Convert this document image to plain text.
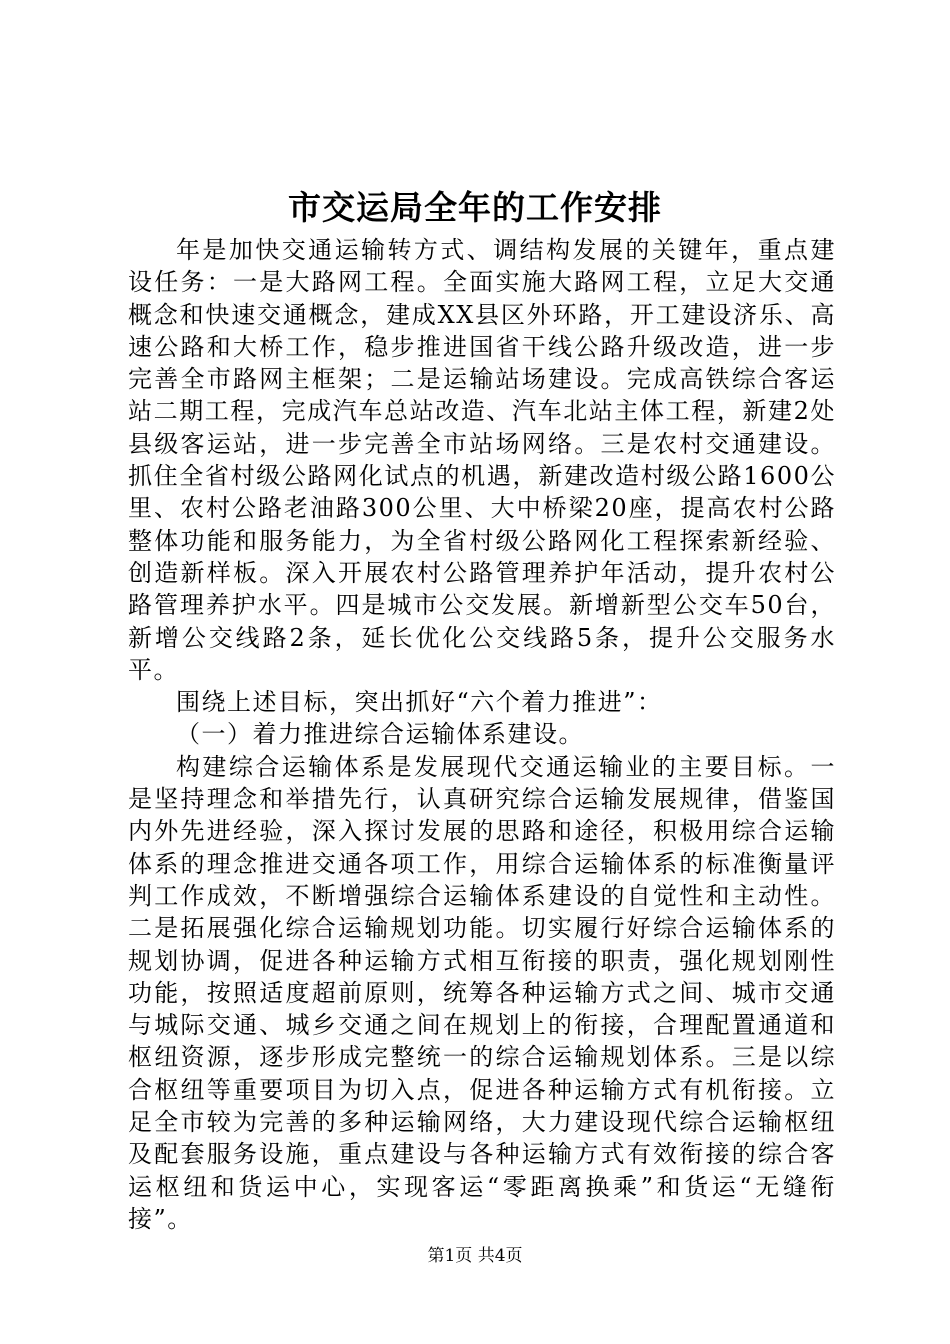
市交运局全年的工作安排

年是加快交通运输转方式、调结构发展的关键年，重点建设任务：一是大路网工程。全面实施大路网工程，立足大交通概念和快速交通概念，建成XX县区外环路，开工建设济乐、高速公路和大桥工作，稳步推进国省干线公路升级改造，进一步完善全市路网主框架；二是运输站场建设。完成高铁综合客运站二期工程，完成汽车总站改造、汽车北站主体工程，新建2处县级客运站，进一步完善全市站场网络。三是农村交通建设。抓住全省村级公路网化试点的机遇，新建改造村级公路1600公里、农村公路老油路300公里、大中桥梁20座，提高农村公路整体功能和服务能力，为全省村级公路网化工程探索新经验、创造新样板。深入开展农村公路管理养护年活动，提升农村公路管理养护水平。四是城市公交发展。新增新型公交车50台，新增公交线路2条，延长优化公交线路5条，提升公交服务水平。

围绕上述目标，突出抓好“六个着力推进”：

（一）着力推进综合运输体系建设。

构建综合运输体系是发展现代交通运输业的主要目标。一是坚持理念和举措先行，认真研究综合运输发展规律，借鉴国内外先进经验，深入探讨发展的思路和途径，积极用综合运输体系的理念推进交通各项工作，用综合运输体系的标准衡量评判工作成效，不断增强综合运输体系建设的自觉性和主动性。二是拓展强化综合运输规划功能。切实履行好综合运输体系的规划协调，促进各种运输方式相互衔接的职责，强化规划刚性功能，按照适度超前原则，统筹各种运输方式之间、城市交通与城际交通、城乡交通之间在规划上的衔接，合理配置通道和枢纽资源，逐步形成完整统一的综合运输规划体系。三是以综合枢纽等重要项目为切入点，促进各种运输方式有机衔接。立足全市较为完善的多种运输网络，大力建设现代综合运输枢纽及配套服务设施，重点建设与各种运输方式有效衔接的综合客运枢纽和货运中心，实现客运“零距离换乘”和货运“无缝衔接”。

第1页 共4页
